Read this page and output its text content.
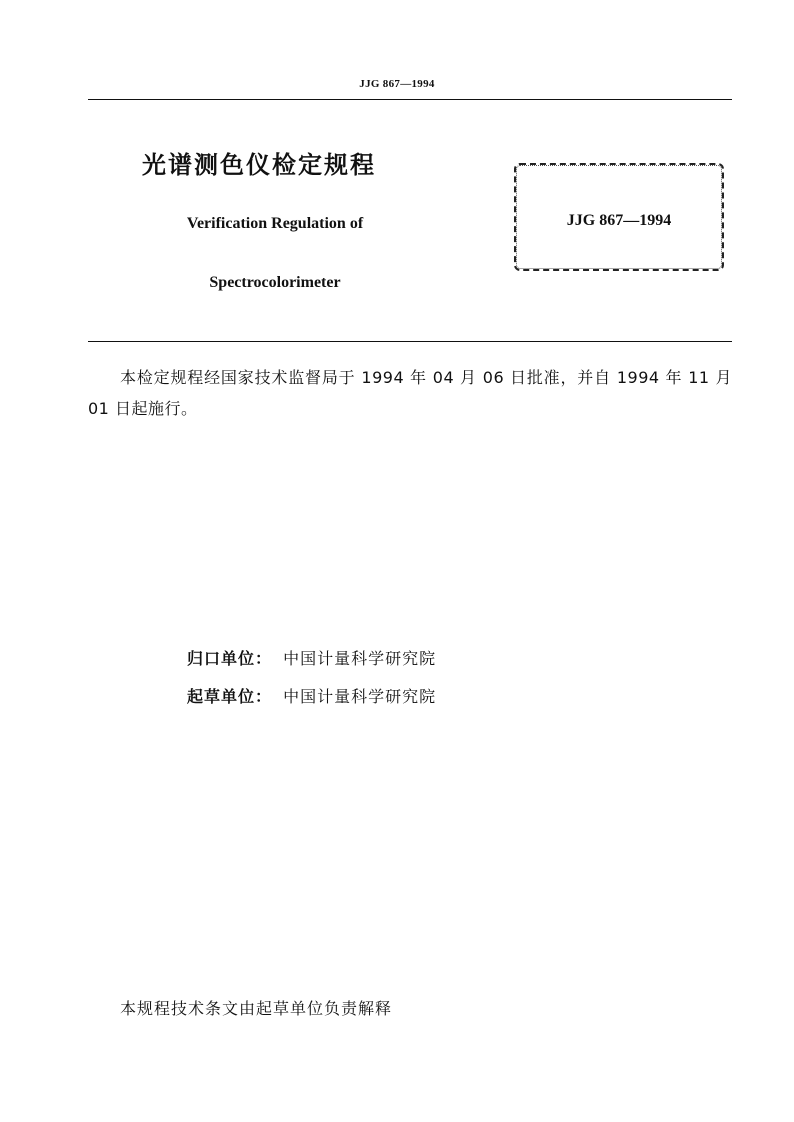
JJG 867—1994
光谱测色仪检定规程
Verification Regulation of
Spectrocolorimeter
JJG 867—1994
本检定规程经国家技术监督局于 1994 年 04 月 06 日批准，并自 1994 年 11 月 01 日起施行。
归口单位： 中国计量科学研究院
起草单位： 中国计量科学研究院
本规程技术条文由起草单位负责解释
